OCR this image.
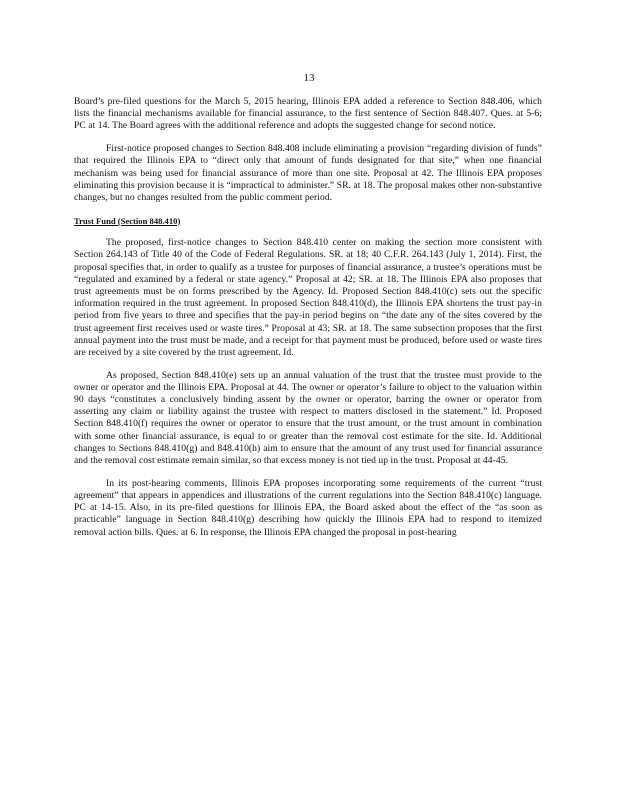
13

Board’s pre-filed questions for the March 5, 2015 hearing, Illinois EPA added a reference to Section 848.406, which lists the financial mechanisms available for financial assurance, to the first sentence of Section 848.407. Ques. at 5-6; PC at 14. The Board agrees with the additional reference and adopts the suggested change for second notice.

First-notice proposed changes to Section 848.408 include eliminating a provision “regarding division of funds” that required the Illinois EPA to “direct only that amount of funds designated for that site,” when one financial mechanism was being used for financial assurance of more than one site. Proposal at 42. The Illinois EPA proposes eliminating this provision because it is “impractical to administer.” SR. at 18. The proposal makes other non-substantive changes, but no changes resulted from the public comment period.

Trust Fund (Section 848.410)

The proposed, first-notice changes to Section 848.410 center on making the section more consistent with Section 264.143 of Title 40 of the Code of Federal Regulations. SR. at 18; 40 C.F.R. 264.143 (July 1, 2014). First, the proposal specifies that, in order to qualify as a trustee for purposes of financial assurance, a trustee’s operations must be “regulated and examined by a federal or state agency.” Proposal at 42; SR. at 18. The Illinois EPA also proposes that trust agreements must be on forms prescribed by the Agency. Id. Proposed Section 848.410(c) sets out the specific information required in the trust agreement. In proposed Section 848.410(d), the Illinois EPA shortens the trust pay-in period from five years to three and specifies that the pay-in period begins on “the date any of the sites covered by the trust agreement first receives used or waste tires.” Proposal at 43; SR. at 18. The same subsection proposes that the first annual payment into the trust must be made, and a receipt for that payment must be produced, before used or waste tires are received by a site covered by the trust agreement. Id.

As proposed, Section 848.410(e) sets up an annual valuation of the trust that the trustee must provide to the owner or operator and the Illinois EPA. Proposal at 44. The owner or operator’s failure to object to the valuation within 90 days “constitutes a conclusively binding assent by the owner or operator, barring the owner or operator from asserting any claim or liability against the trustee with respect to matters disclosed in the statement.” Id. Proposed Section 848.410(f) requires the owner or operator to ensure that the trust amount, or the trust amount in combination with some other financial assurance, is equal to or greater than the removal cost estimate for the site. Id. Additional changes to Sections 848.410(g) and 848.410(h) aim to ensure that the amount of any trust used for financial assurance and the removal cost estimate remain similar, so that excess money is not tied up in the trust. Proposal at 44-45.

In its post-hearing comments, Illinois EPA proposes incorporating some requirements of the current “trust agreement” that appears in appendices and illustrations of the current regulations into the Section 848.410(c) language. PC at 14-15. Also, in its pre-filed questions for Illinois EPA, the Board asked about the effect of the “as soon as practicable” language in Section 848.410(g) describing how quickly the Illinois EPA had to respond to itemized removal action bills. Ques. at 6. In response, the Illinois EPA changed the proposal in post-hearing
